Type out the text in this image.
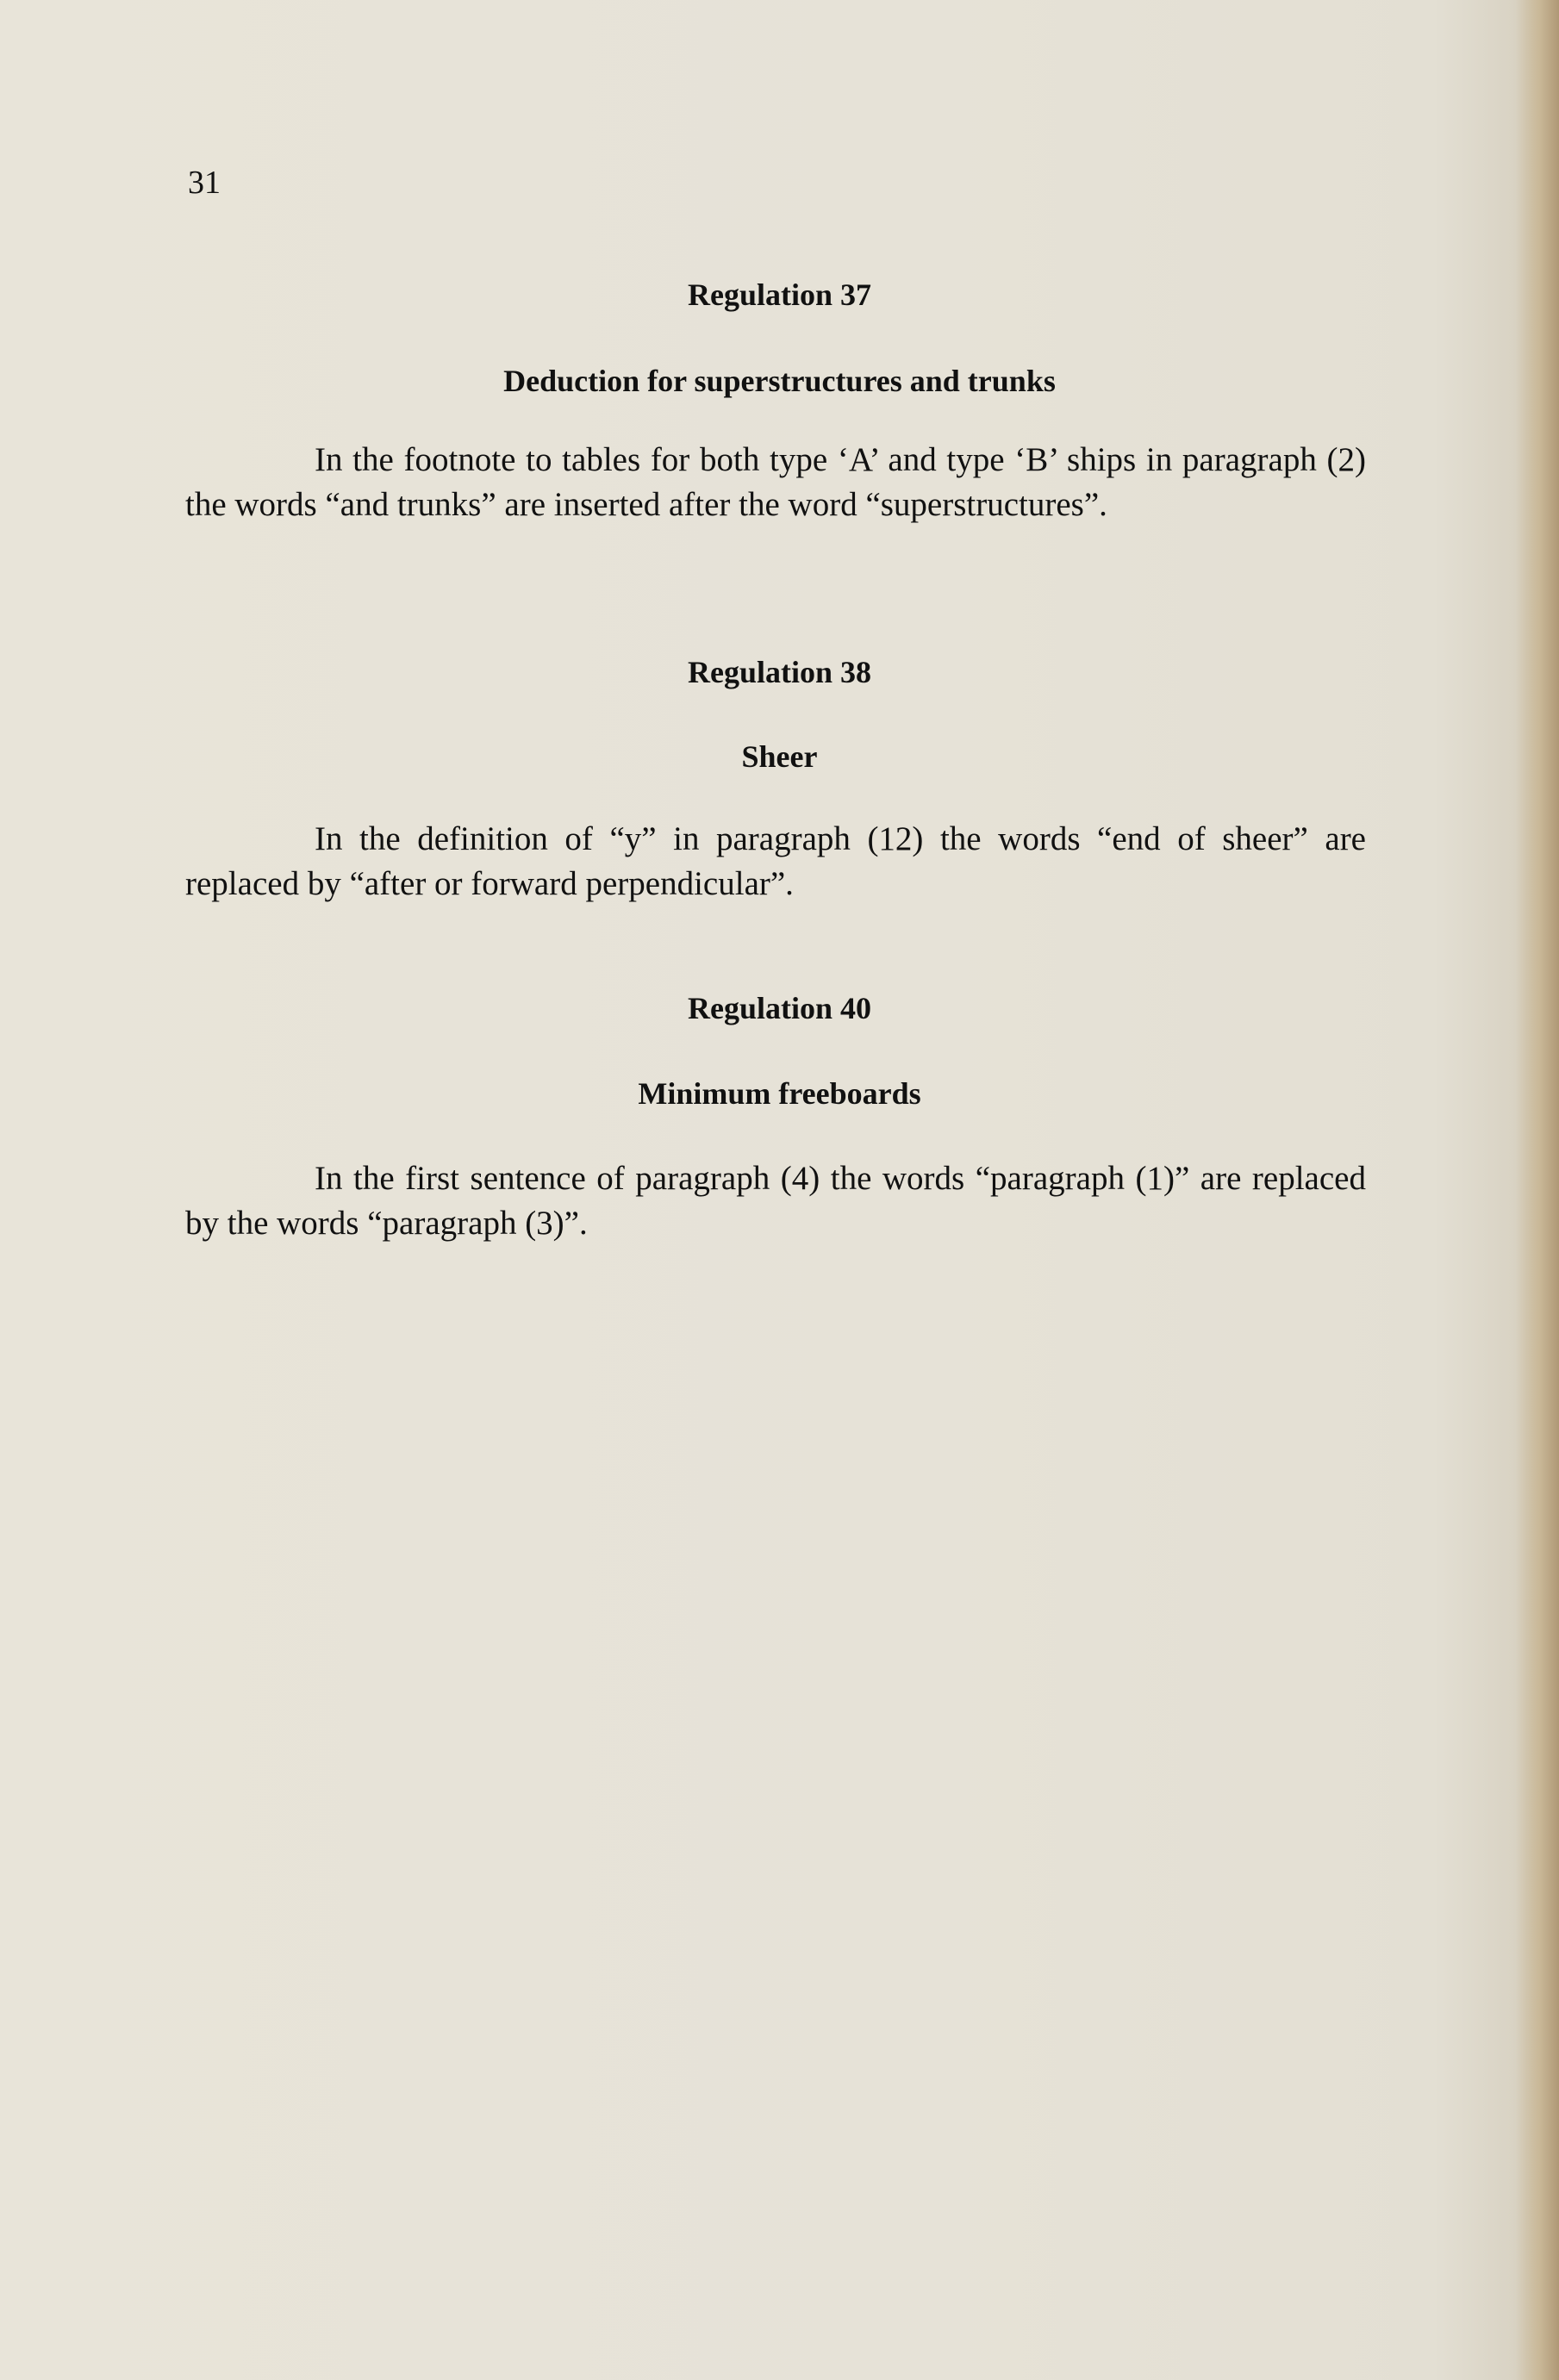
31
Regulation 37
Deduction for superstructures and trunks
In the footnote to tables for both type ‘A’ and type ‘B’ ships in paragraph (2) the words “and trunks” are inserted after the word “superstructures”.
Regulation 38
Sheer
In the definition of “y” in paragraph (12) the words “end of sheer” are replaced by “after or forward perpendicular”.
Regulation 40
Minimum freeboards
In the first sentence of paragraph (4) the words “paragraph (1)” are replaced by the words “paragraph (3)”.
